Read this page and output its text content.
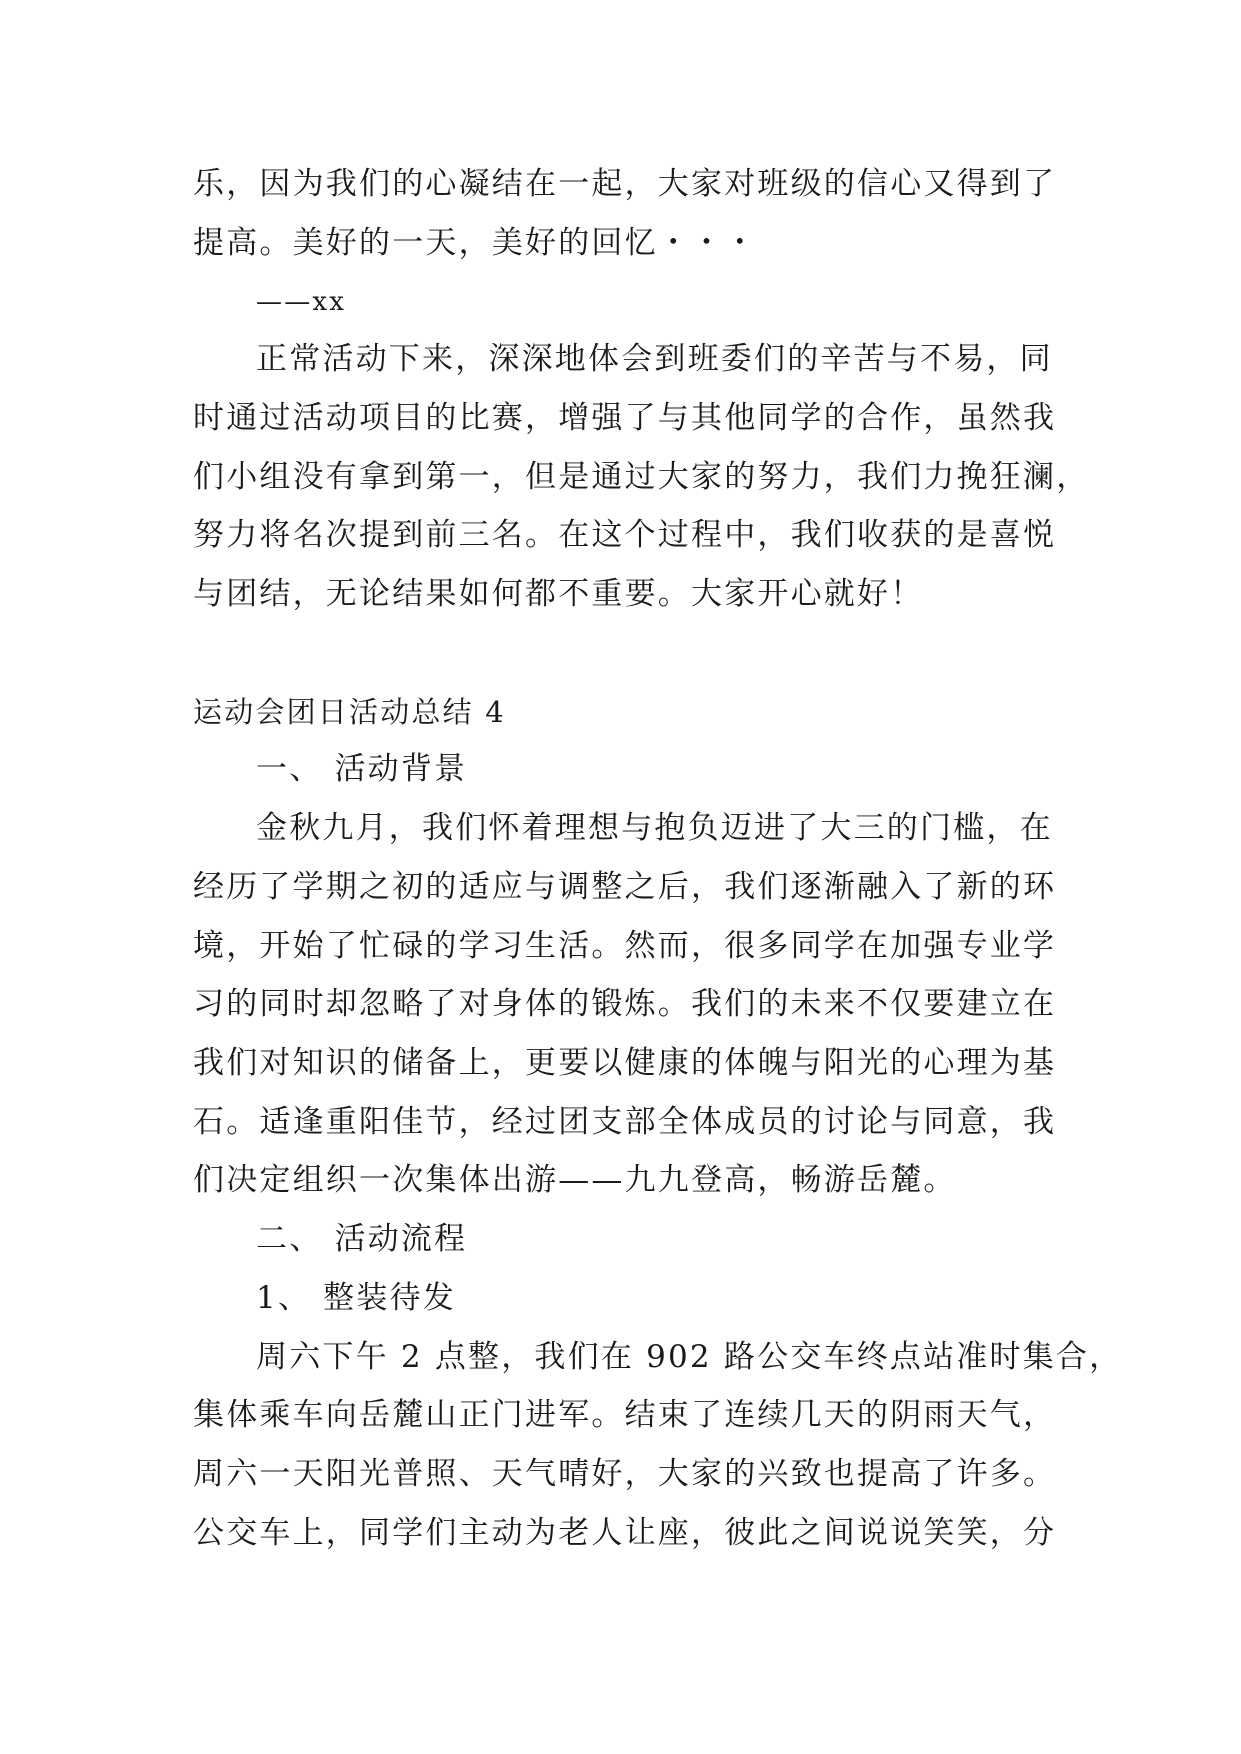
乐，因为我们的心凝结在一起，大家对班级的信心又得到了
提高。美好的一天，美好的回忆・・・
——xx
正常活动下来，深深地体会到班委们的辛苦与不易，同
时通过活动项目的比赛，增强了与其他同学的合作，虽然我
们小组没有拿到第一，但是通过大家的努力，我们力挽狂澜，
努力将名次提到前三名。在这个过程中，我们收获的是喜悦
与团结，无论结果如何都不重要。大家开心就好！
运动会团日活动总结 4
一、 活动背景
金秋九月，我们怀着理想与抱负迈进了大三的门槛，在
经历了学期之初的适应与调整之后，我们逐渐融入了新的环
境，开始了忙碌的学习生活。然而，很多同学在加强专业学
习的同时却忽略了对身体的锻炼。我们的未来不仅要建立在
我们对知识的储备上，更要以健康的体魄与阳光的心理为基
石。适逢重阳佳节，经过团支部全体成员的讨论与同意，我
们决定组织一次集体出游——九九登高，畅游岳麓。
二、 活动流程
1、 整装待发
周六下午 2 点整，我们在 902 路公交车终点站准时集合，
集体乘车向岳麓山正门进军。结束了连续几天的阴雨天气，
周六一天阳光普照、天气晴好，大家的兴致也提高了许多。
公交车上，同学们主动为老人让座，彼此之间说说笑笑，分
